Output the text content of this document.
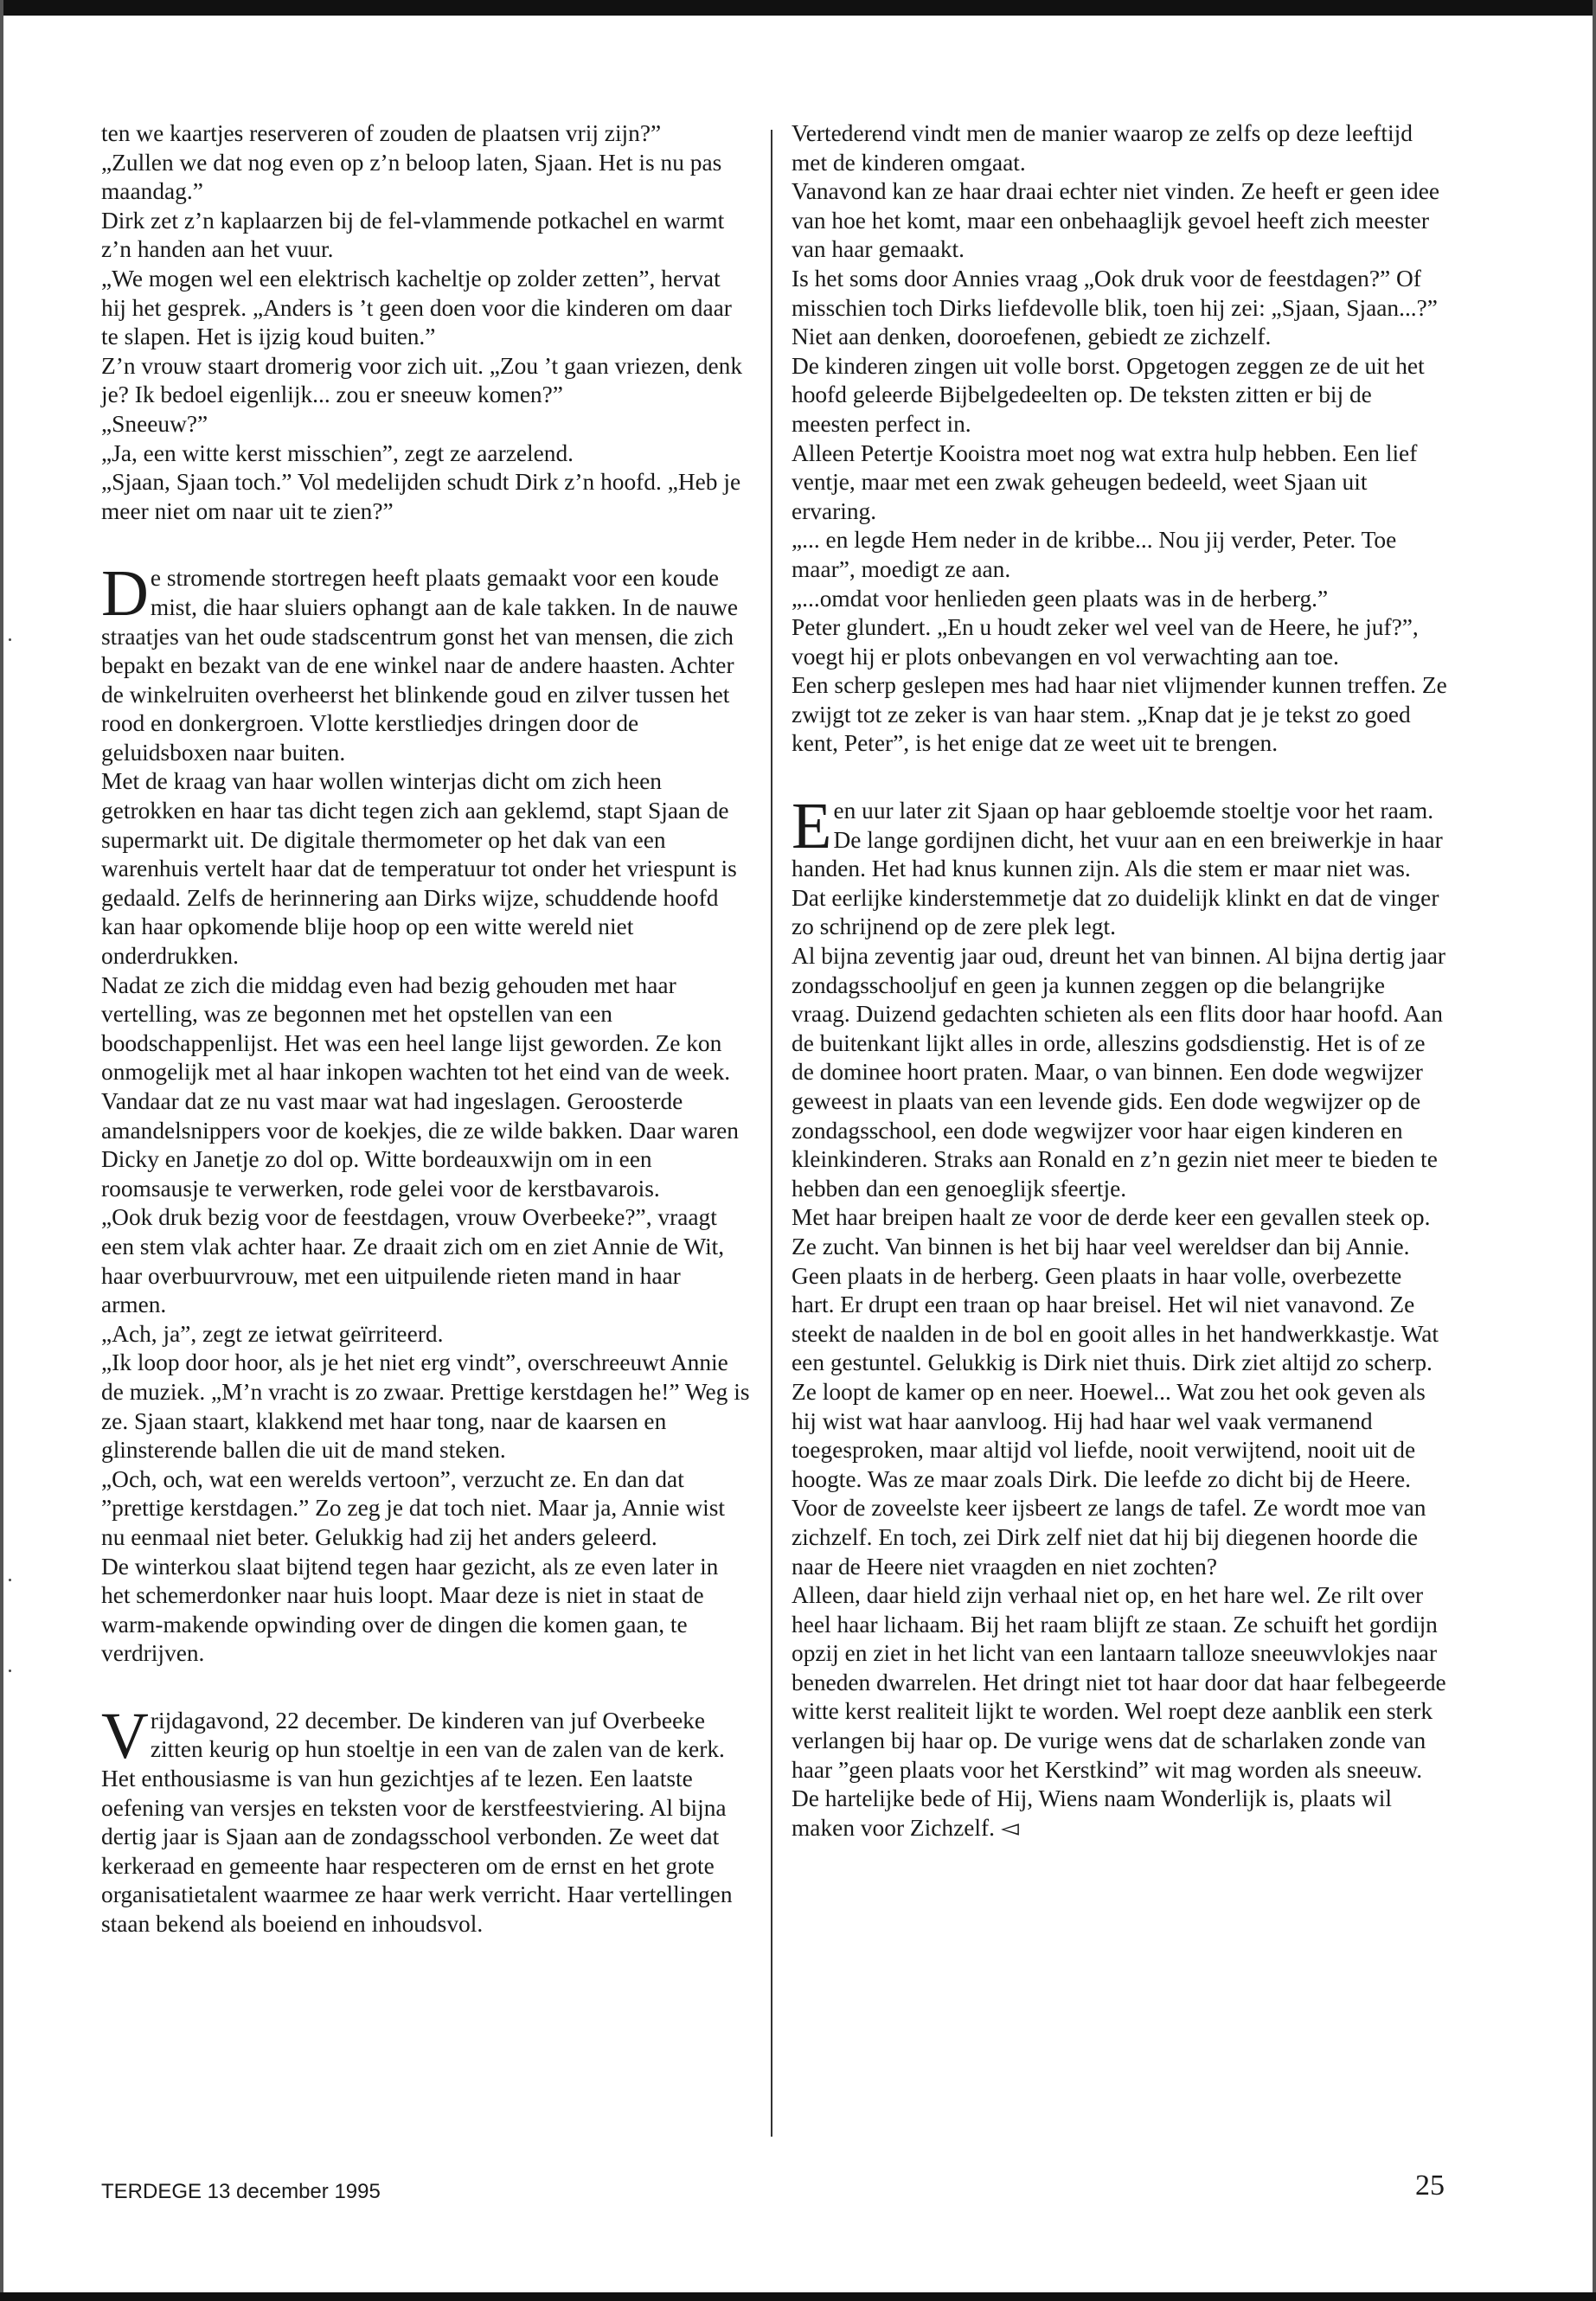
ten we kaartjes reserveren of zouden de plaatsen vrij zijn?”

„Zullen we dat nog even op z’n beloop laten, Sjaan. Het is nu pas maandag.”

Dirk zet z’n kaplaarzen bij de fel-vlammende potkachel en warmt z’n handen aan het vuur.

„We mogen wel een elektrisch kacheltje op zolder zetten”, hervat hij het gesprek. „Anders is ’t geen doen voor die kinderen om daar te slapen. Het is ijzig koud buiten.”

Z’n vrouw staart dromerig voor zich uit. „Zou ’t gaan vriezen, denk je? Ik bedoel eigenlijk... zou er sneeuw komen?”

„Sneeuw?”

„Ja, een witte kerst misschien”, zegt ze aarzelend.

„Sjaan, Sjaan toch.” Vol medelijden schudt Dirk z’n hoofd. „Heb je meer niet om naar uit te zien?”

De stromende stortregen heeft plaats gemaakt voor een koude mist, die haar sluiers ophangt aan de kale takken. In de nauwe straatjes van het oude stadscentrum gonst het van mensen, die zich bepakt en bezakt van de ene winkel naar de andere haasten. Achter de winkelruiten overheerst het blinkende goud en zilver tussen het rood en donkergroen. Vlotte kerstliedjes dringen door de geluidsboxen naar buiten.

Met de kraag van haar wollen winterjas dicht om zich heen getrokken en haar tas dicht tegen zich aan geklemd, stapt Sjaan de supermarkt uit. De digitale thermometer op het dak van een warenhuis vertelt haar dat de temperatuur tot onder het vriespunt is gedaald. Zelfs de herinnering aan Dirks wijze, schuddende hoofd kan haar opkomende blije hoop op een witte wereld niet onderdrukken.

Nadat ze zich die middag even had bezig gehouden met haar vertelling, was ze begonnen met het opstellen van een boodschappenlijst. Het was een heel lange lijst geworden. Ze kon onmogelijk met al haar inkopen wachten tot het eind van de week. Vandaar dat ze nu vast maar wat had ingeslagen. Geroosterde amandelsnippers voor de koekjes, die ze wilde bakken. Daar waren Dicky en Janetje zo dol op. Witte bordeauxwijn om in een roomsausje te verwerken, rode gelei voor de kerstbavarois.

„Ook druk bezig voor de feestdagen, vrouw Overbeeke?”, vraagt een stem vlak achter haar. Ze draait zich om en ziet Annie de Wit, haar overbuurvrouw, met een uitpuilende rieten mand in haar armen.

„Ach, ja”, zegt ze ietwat geïrriteerd.

„Ik loop door hoor, als je het niet erg vindt”, overschreeuwt Annie de muziek. „M’n vracht is zo zwaar. Prettige kerstdagen he!” Weg is ze. Sjaan staart, klakkend met haar tong, naar de kaarsen en glinsterende ballen die uit de mand steken.

„Och, och, wat een werelds vertoon”, verzucht ze. En dan dat ”prettige kerstdagen.” Zo zeg je dat toch niet. Maar ja, Annie wist nu eenmaal niet beter. Gelukkig had zij het anders geleerd.

De winterkou slaat bijtend tegen haar gezicht, als ze even later in het schemerdonker naar huis loopt. Maar deze is niet in staat de warm-makende opwinding over de dingen die komen gaan, te verdrijven.

Vrijdagavond, 22 december. De kinderen van juf Overbeeke zitten keurig op hun stoeltje in een van de zalen van de kerk. Het enthousiasme is van hun gezichtjes af te lezen. Een laatste oefening van versjes en teksten voor de kerstfeestviering. Al bijna dertig jaar is Sjaan aan de zondagsschool verbonden. Ze weet dat kerkeraad en gemeente haar respecteren om de ernst en het grote organisatietalent waarmee ze haar werk verricht. Haar vertellingen staan bekend als boeiend en inhoudsvol.

Vertederend vindt men de manier waarop ze zelfs op deze leeftijd met de kinderen omgaat.

Vanavond kan ze haar draai echter niet vinden. Ze heeft er geen idee van hoe het komt, maar een onbehaaglijk gevoel heeft zich meester van haar gemaakt.

Is het soms door Annies vraag „Ook druk voor de feestdagen?” Of misschien toch Dirks liefdevolle blik, toen hij zei: „Sjaan, Sjaan...?” Niet aan denken, dooroefenen, gebiedt ze zichzelf.

De kinderen zingen uit volle borst. Opgetogen zeggen ze de uit het hoofd geleerde Bijbelgedeelten op. De teksten zitten er bij de meesten perfect in.

Alleen Petertje Kooistra moet nog wat extra hulp hebben. Een lief ventje, maar met een zwak geheugen bedeeld, weet Sjaan uit ervaring.

„... en legde Hem neder in de kribbe... Nou jij verder, Peter. Toe maar”, moedigt ze aan.

„...omdat voor henlieden geen plaats was in de herberg.”

Peter glundert. „En u houdt zeker wel veel van de Heere, he juf?”, voegt hij er plots onbevangen en vol verwachting aan toe.

Een scherp geslepen mes had haar niet vlijmender kunnen treffen. Ze zwijgt tot ze zeker is van haar stem. „Knap dat je je tekst zo goed kent, Peter”, is het enige dat ze weet uit te brengen.

Een uur later zit Sjaan op haar gebloemde stoeltje voor het raam. De lange gordijnen dicht, het vuur aan en een breiwerkje in haar handen. Het had knus kunnen zijn. Als die stem er maar niet was. Dat eerlijke kinderstemmetje dat zo duidelijk klinkt en dat de vinger zo schrijnend op de zere plek legt.

Al bijna zeventig jaar oud, dreunt het van binnen. Al bijna dertig jaar zondagsschooljuf en geen ja kunnen zeggen op die belangrijke vraag. Duizend gedachten schieten als een flits door haar hoofd. Aan de buitenkant lijkt alles in orde, alleszins godsdienstig. Het is of ze de dominee hoort praten. Maar, o van binnen. Een dode wegwijzer geweest in plaats van een levende gids. Een dode wegwijzer op de zondagsschool, een dode wegwijzer voor haar eigen kinderen en kleinkinderen. Straks aan Ronald en z’n gezin niet meer te bieden te hebben dan een genoeglijk sfeertje.

Met haar breipen haalt ze voor de derde keer een gevallen steek op. Ze zucht. Van binnen is het bij haar veel wereldser dan bij Annie. Geen plaats in de herberg. Geen plaats in haar volle, overbezette hart. Er drupt een traan op haar breisel. Het wil niet vanavond. Ze steekt de naalden in de bol en gooit alles in het handwerkkastje. Wat een gestuntel. Gelukkig is Dirk niet thuis. Dirk ziet altijd zo scherp.

Ze loopt de kamer op en neer. Hoewel... Wat zou het ook geven als hij wist wat haar aanvloog. Hij had haar wel vaak vermanend toegesproken, maar altijd vol liefde, nooit verwijtend, nooit uit de hoogte. Was ze maar zoals Dirk. Die leefde zo dicht bij de Heere. Voor de zoveelste keer ijsbeert ze langs de tafel. Ze wordt moe van zichzelf. En toch, zei Dirk zelf niet dat hij bij diegenen hoorde die naar de Heere niet vraagden en niet zochten?

Alleen, daar hield zijn verhaal niet op, en het hare wel. Ze rilt over heel haar lichaam. Bij het raam blijft ze staan. Ze schuift het gordijn opzij en ziet in het licht van een lantaarn talloze sneeuwvlokjes naar beneden dwarrelen. Het dringt niet tot haar door dat haar felbegeerde witte kerst realiteit lijkt te worden. Wel roept deze aanblik een sterk verlangen bij haar op. De vurige wens dat de scharlaken zonde van haar ”geen plaats voor het Kerstkind” wit mag worden als sneeuw. De hartelijke bede of Hij, Wiens naam Wonderlijk is, plaats wil maken voor Zichzelf. ◅

TERDEGE 13 december 1995	25
